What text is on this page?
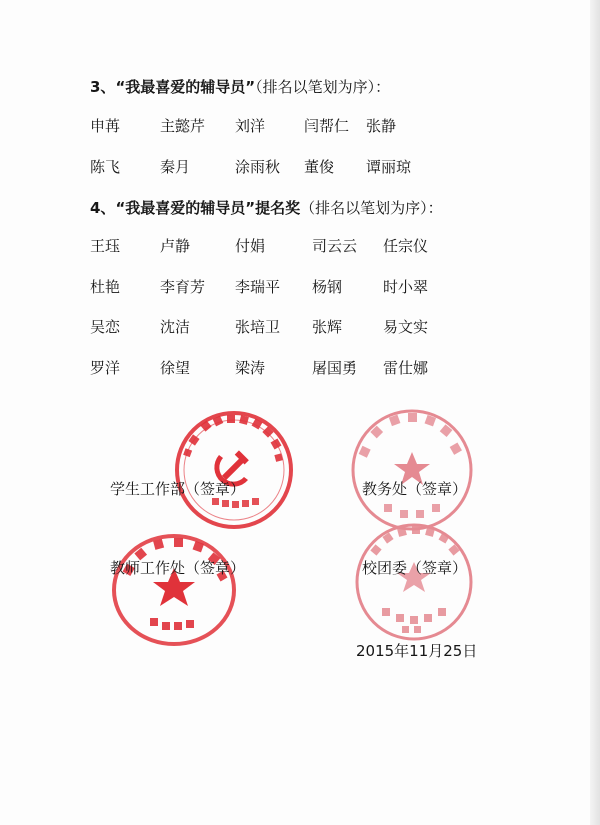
3、“我最喜爱的辅导员”（排名以笔划为序）：
申苒	主懿芹 刘洋	闫帮仁 张静
陈飞	秦月	涂雨秋 董俊 谭丽琼
4、“我最喜爱的辅导员”提名奖（排名以笔划为序）：
王珏	卢静	付娟	司云云 任宗仪
杜艳	李育芳 李瑞平 杨钢	时小翠
吴恋	沈洁	张培卫 张辉	易文实
罗洋	徐望	梁涛	屠国勇 雷仕娜
学生工作部（签章）	教务处（签章）
教师工作处（签章）	校团委（签章）
2015年11月25日
